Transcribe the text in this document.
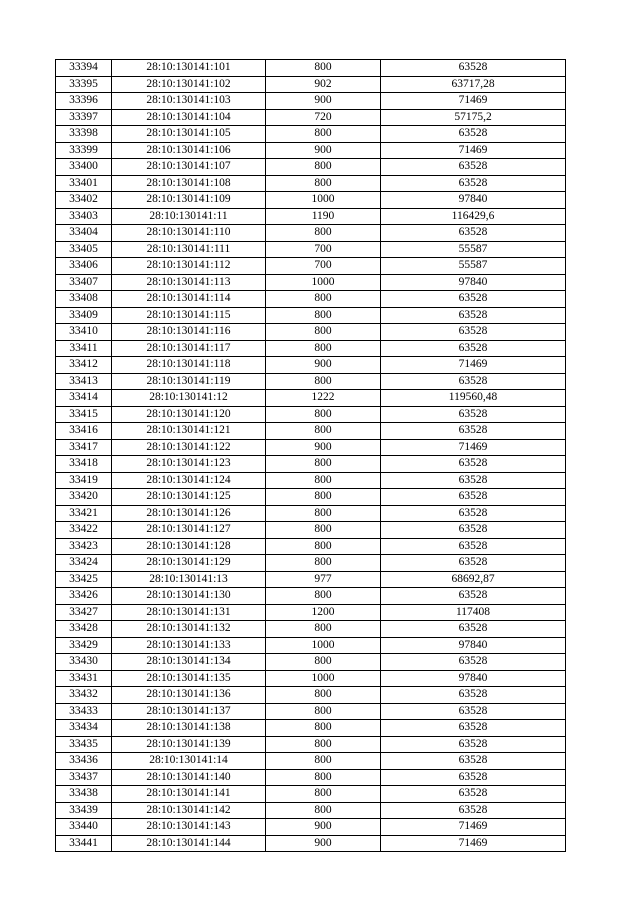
33394	28:10:130141:101	800	63528
33395	28:10:130141:102	902	63717,28
33396	28:10:130141:103	900	71469
33397	28:10:130141:104	720	57175,2
33398	28:10:130141:105	800	63528
33399	28:10:130141:106	900	71469
33400	28:10:130141:107	800	63528
33401	28:10:130141:108	800	63528
33402	28:10:130141:109	1000	97840
33403	28:10:130141:11	1190	116429,6
33404	28:10:130141:110	800	63528
33405	28:10:130141:111	700	55587
33406	28:10:130141:112	700	55587
33407	28:10:130141:113	1000	97840
33408	28:10:130141:114	800	63528
33409	28:10:130141:115	800	63528
33410	28:10:130141:116	800	63528
33411	28:10:130141:117	800	63528
33412	28:10:130141:118	900	71469
33413	28:10:130141:119	800	63528
33414	28:10:130141:12	1222	119560,48
33415	28:10:130141:120	800	63528
33416	28:10:130141:121	800	63528
33417	28:10:130141:122	900	71469
33418	28:10:130141:123	800	63528
33419	28:10:130141:124	800	63528
33420	28:10:130141:125	800	63528
33421	28:10:130141:126	800	63528
33422	28:10:130141:127	800	63528
33423	28:10:130141:128	800	63528
33424	28:10:130141:129	800	63528
33425	28:10:130141:13	977	68692,87
33426	28:10:130141:130	800	63528
33427	28:10:130141:131	1200	117408
33428	28:10:130141:132	800	63528
33429	28:10:130141:133	1000	97840
33430	28:10:130141:134	800	63528
33431	28:10:130141:135	1000	97840
33432	28:10:130141:136	800	63528
33433	28:10:130141:137	800	63528
33434	28:10:130141:138	800	63528
33435	28:10:130141:139	800	63528
33436	28:10:130141:14	800	63528
33437	28:10:130141:140	800	63528
33438	28:10:130141:141	800	63528
33439	28:10:130141:142	800	63528
33440	28:10:130141:143	900	71469
33441	28:10:130141:144	900	71469
